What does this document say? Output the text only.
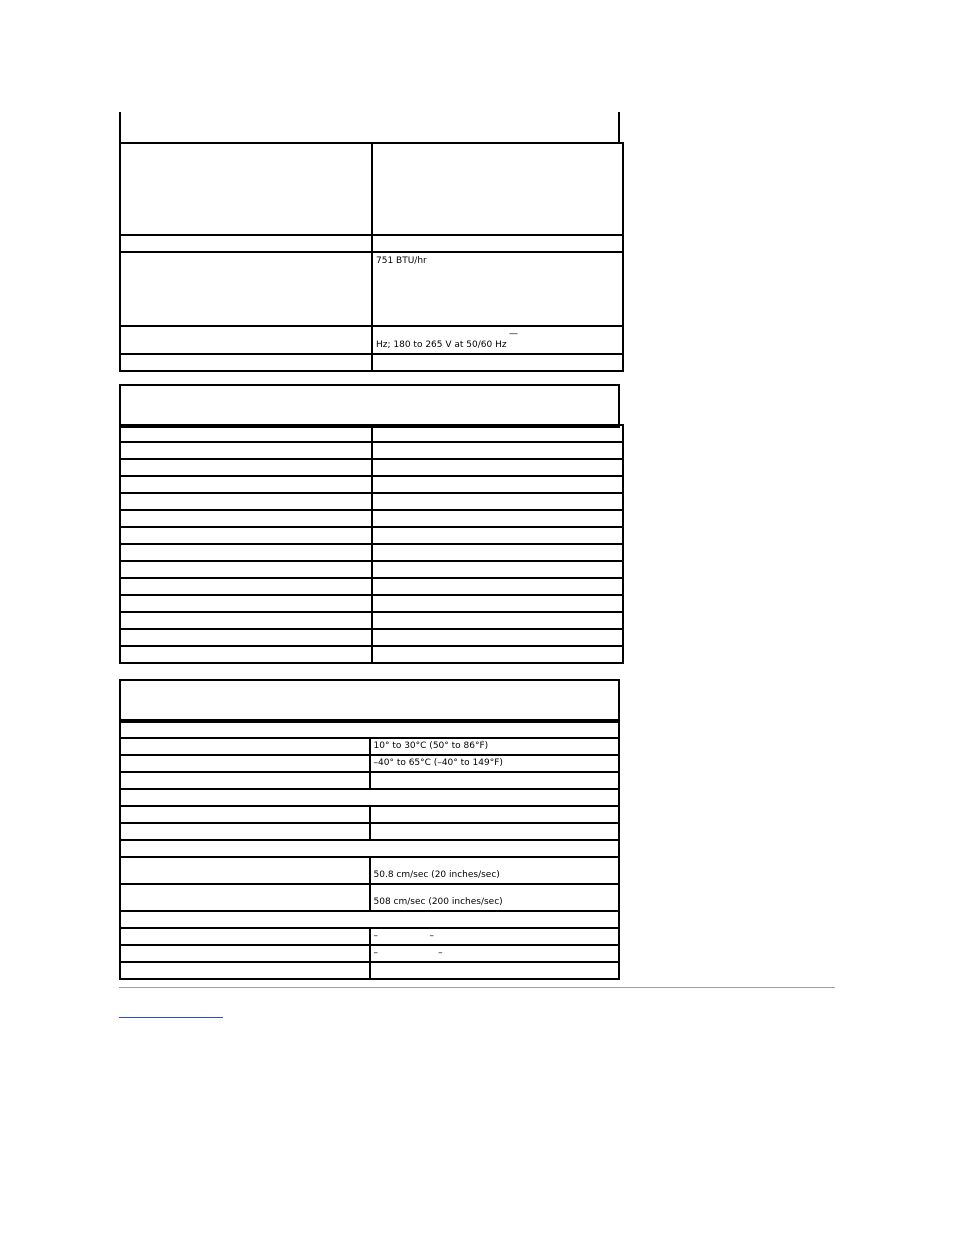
	751 BTU/hr

	—
Hz; 180 to 265 V at 50/60 Hz

	10° to 30°C (50° to 86°F)
	–40° to 65°C (–40° to 149°F)

	50.8 cm/sec (20 inches/sec)
	508 cm/sec (200 inches/sec)

	–                  –
	–                     –
